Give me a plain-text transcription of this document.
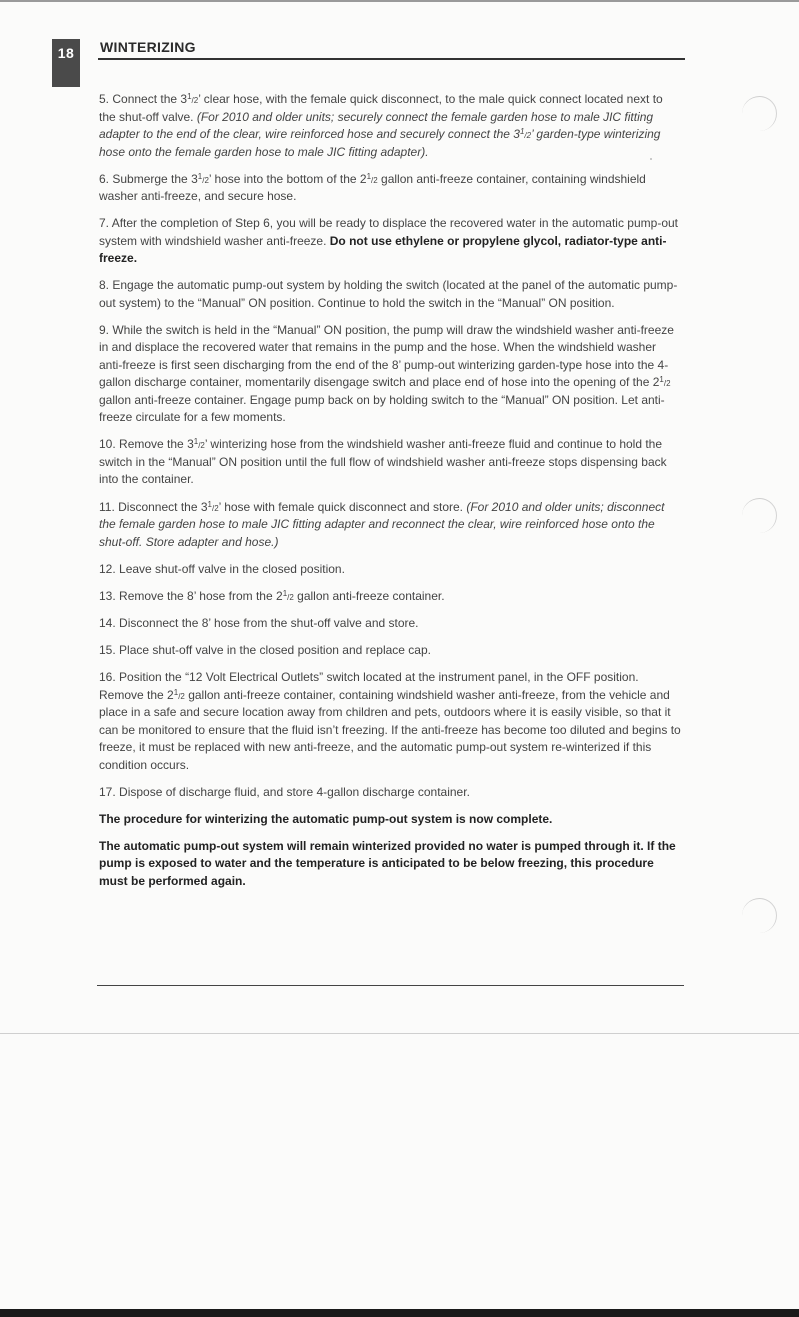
18	WINTERIZING

5. Connect the $3^1/2$’ clear hose, with the female quick disconnect, to the male quick connect located next to the shut-off valve. (For 2010 and older units; securely connect the female garden hose to male JIC fitting adapter to the end of the clear, wire reinforced hose and securely connect the $3^1/2$’ garden-type winterizing hose onto the female garden hose to male JIC fitting adapter).

6. Submerge the $3^1/2$’ hose into the bottom of the $2^1/2$ gallon anti-freeze container, containing windshield washer anti-freeze, and secure hose.

7. After the completion of Step 6, you will be ready to displace the recovered water in the automatic pump-out system with windshield washer anti-freeze. Do not use ethylene or propylene glycol, radiator-type anti-freeze.

8. Engage the automatic pump-out system by holding the switch (located at the panel of the automatic pump-out system) to the “Manual” ON position. Continue to hold the switch in the “Manual” ON position.

9. While the switch is held in the “Manual” ON position, the pump will draw the windshield washer anti-freeze in and displace the recovered water that remains in the pump and the hose. When the windshield washer anti-freeze is first seen discharging from the end of the 8’ pump-out winterizing garden-type hose into the 4-gallon discharge container, momentarily disengage switch and place end of hose into the opening of the $2^1/2$ gallon anti-freeze container. Engage pump back on by holding switch to the “Manual” ON position. Let anti-freeze circulate for a few moments.

10. Remove the $3^1/2$’ winterizing hose from the windshield washer anti-freeze fluid and continue to hold the switch in the “Manual” ON position until the full flow of windshield washer anti-freeze stops dispensing back into the container.

11. Disconnect the $3^1/2$’ hose with female quick disconnect and store. (For 2010 and older units; disconnect the female garden hose to male JIC fitting adapter and reconnect the clear, wire reinforced hose onto the shut-off. Store adapter and hose.)

12. Leave shut-off valve in the closed position.

13. Remove the 8’ hose from the $2^1/2$ gallon anti-freeze container.

14. Disconnect the 8’ hose from the shut-off valve and store.

15. Place shut-off valve in the closed position and replace cap.

16. Position the “12 Volt Electrical Outlets” switch located at the instrument panel, in the OFF position. Remove the $2^1/2$ gallon anti-freeze container, containing windshield washer anti-freeze, from the vehicle and place in a safe and secure location away from children and pets, outdoors where it is easily visible, so that it can be monitored to ensure that the fluid isn’t freezing. If the anti-freeze has become too diluted and begins to freeze, it must be replaced with new anti-freeze, and the automatic pump-out system re-winterized if this condition occurs.

17. Dispose of discharge fluid, and store 4-gallon discharge container.

The procedure for winterizing the automatic pump-out system is now complete.

The automatic pump-out system will remain winterized provided no water is pumped through it. If the pump is exposed to water and the temperature is anticipated to be below freezing, this procedure must be performed again.
